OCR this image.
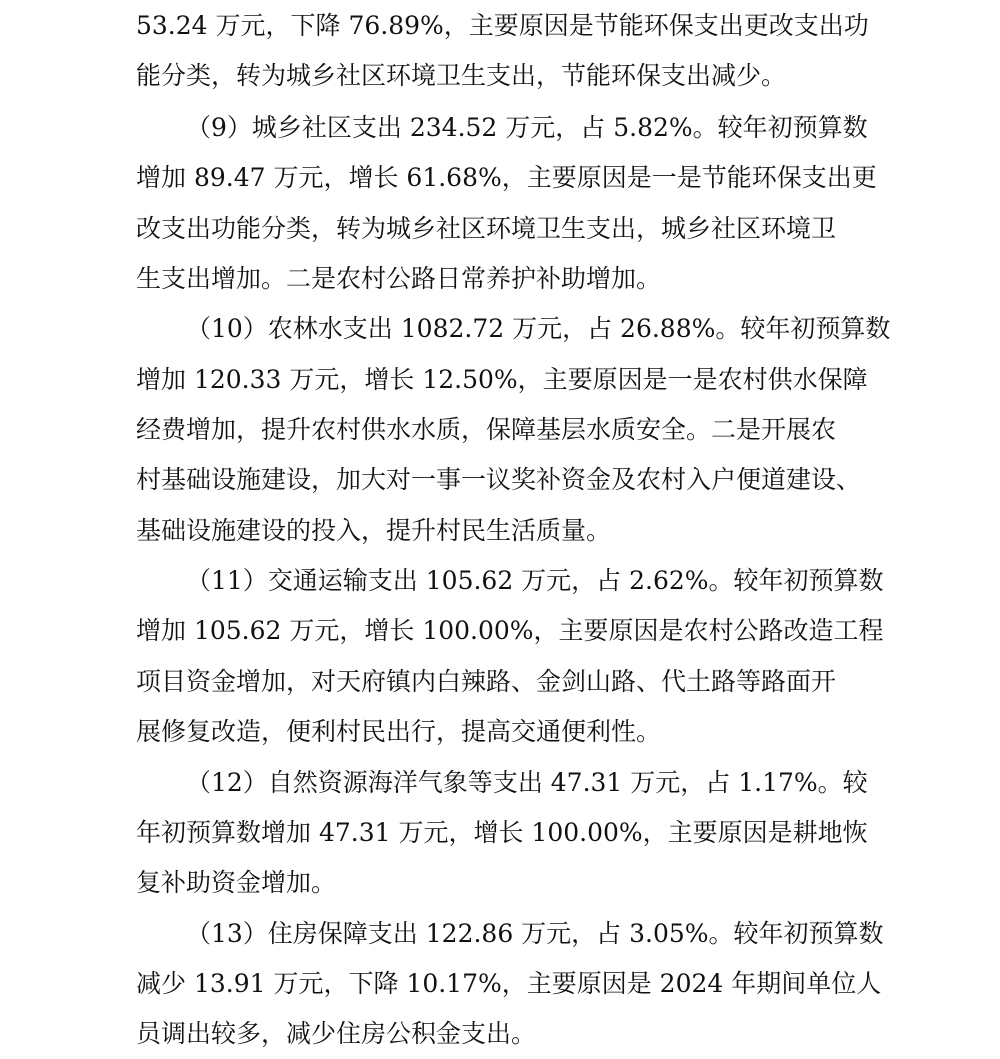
53.24 万元，下降 76.89%，主要原因是节能环保支出更改支出功
能分类，转为城乡社区环境卫生支出，节能环保支出减少。
（9）城乡社区支出 234.52 万元，占 5.82%。较年初预算数
增加 89.47 万元，增长 61.68%，主要原因是一是节能环保支出更
改支出功能分类，转为城乡社区环境卫生支出，城乡社区环境卫
生支出增加。二是农村公路日常养护补助增加。
（10）农林水支出 1082.72 万元，占 26.88%。较年初预算数
增加 120.33 万元，增长 12.50%，主要原因是一是农村供水保障
经费增加，提升农村供水水质，保障基层水质安全。二是开展农
村基础设施建设，加大对一事一议奖补资金及农村入户便道建设、
基础设施建设的投入，提升村民生活质量。
（11）交通运输支出 105.62 万元，占 2.62%。较年初预算数
增加 105.62 万元，增长 100.00%，主要原因是农村公路改造工程
项目资金增加，对天府镇内白辣路、金剑山路、代土路等路面开
展修复改造，便利村民出行，提高交通便利性。
（12）自然资源海洋气象等支出 47.31 万元，占 1.17%。较
年初预算数增加 47.31 万元，增长 100.00%，主要原因是耕地恢
复补助资金增加。
（13）住房保障支出 122.86 万元，占 3.05%。较年初预算数
减少 13.91 万元，下降 10.17%，主要原因是 2024 年期间单位人
员调出较多，减少住房公积金支出。
